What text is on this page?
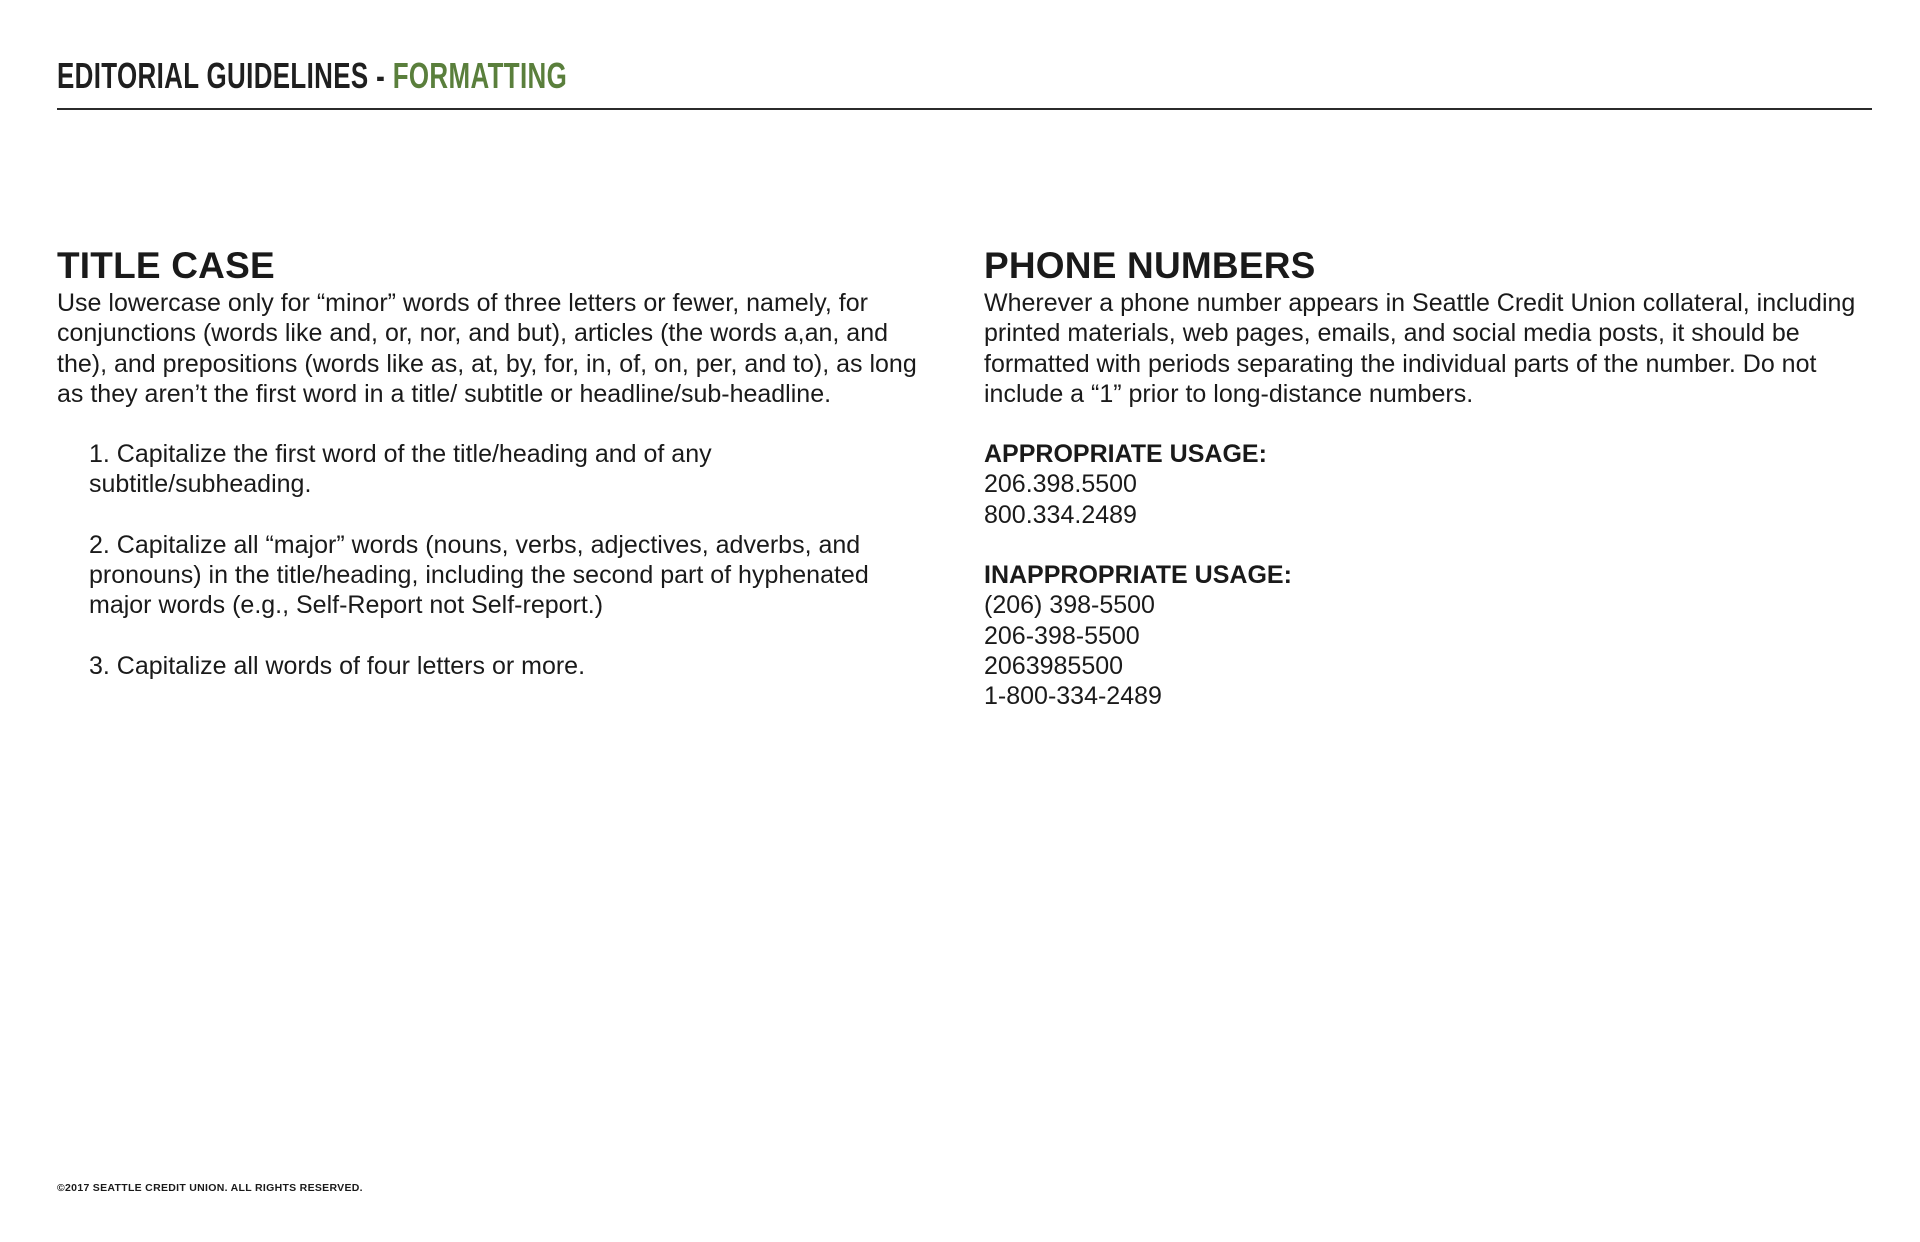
EDITORIAL GUIDELINES - FORMATTING
TITLE CASE

Use lowercase only for “minor” words of three letters or fewer, namely, for conjunctions (words like and, or, nor, and but), articles (the words a,an, and the), and prepositions (words like as, at, by, for, in, of, on, per, and to), as long as they aren’t the first word in a title/ subtitle or headline/sub-headline.

1. Capitalize the first word of the title/heading and of any subtitle/subheading.
2. Capitalize all “major” words (nouns, verbs, adjectives, adverbs, and pronouns) in the title/heading, including the second part of hyphenated major words (e.g., Self-Report not Self-report.)
3. Capitalize all words of four letters or more.
PHONE NUMBERS

Wherever a phone number appears in Seattle Credit Union collateral, including printed materials, web pages, emails, and social media posts, it should be formatted with periods separating the individual parts of the number. Do not include a “1” prior to long-distance numbers.

APPROPRIATE USAGE:

206.398.5500
800.334.2489

INAPPROPRIATE USAGE:

(206) 398-5500
206-398-5500
2063985500
1-800-334-2489
©2017 SEATTLE CREDIT UNION. ALL RIGHTS RESERVED.
